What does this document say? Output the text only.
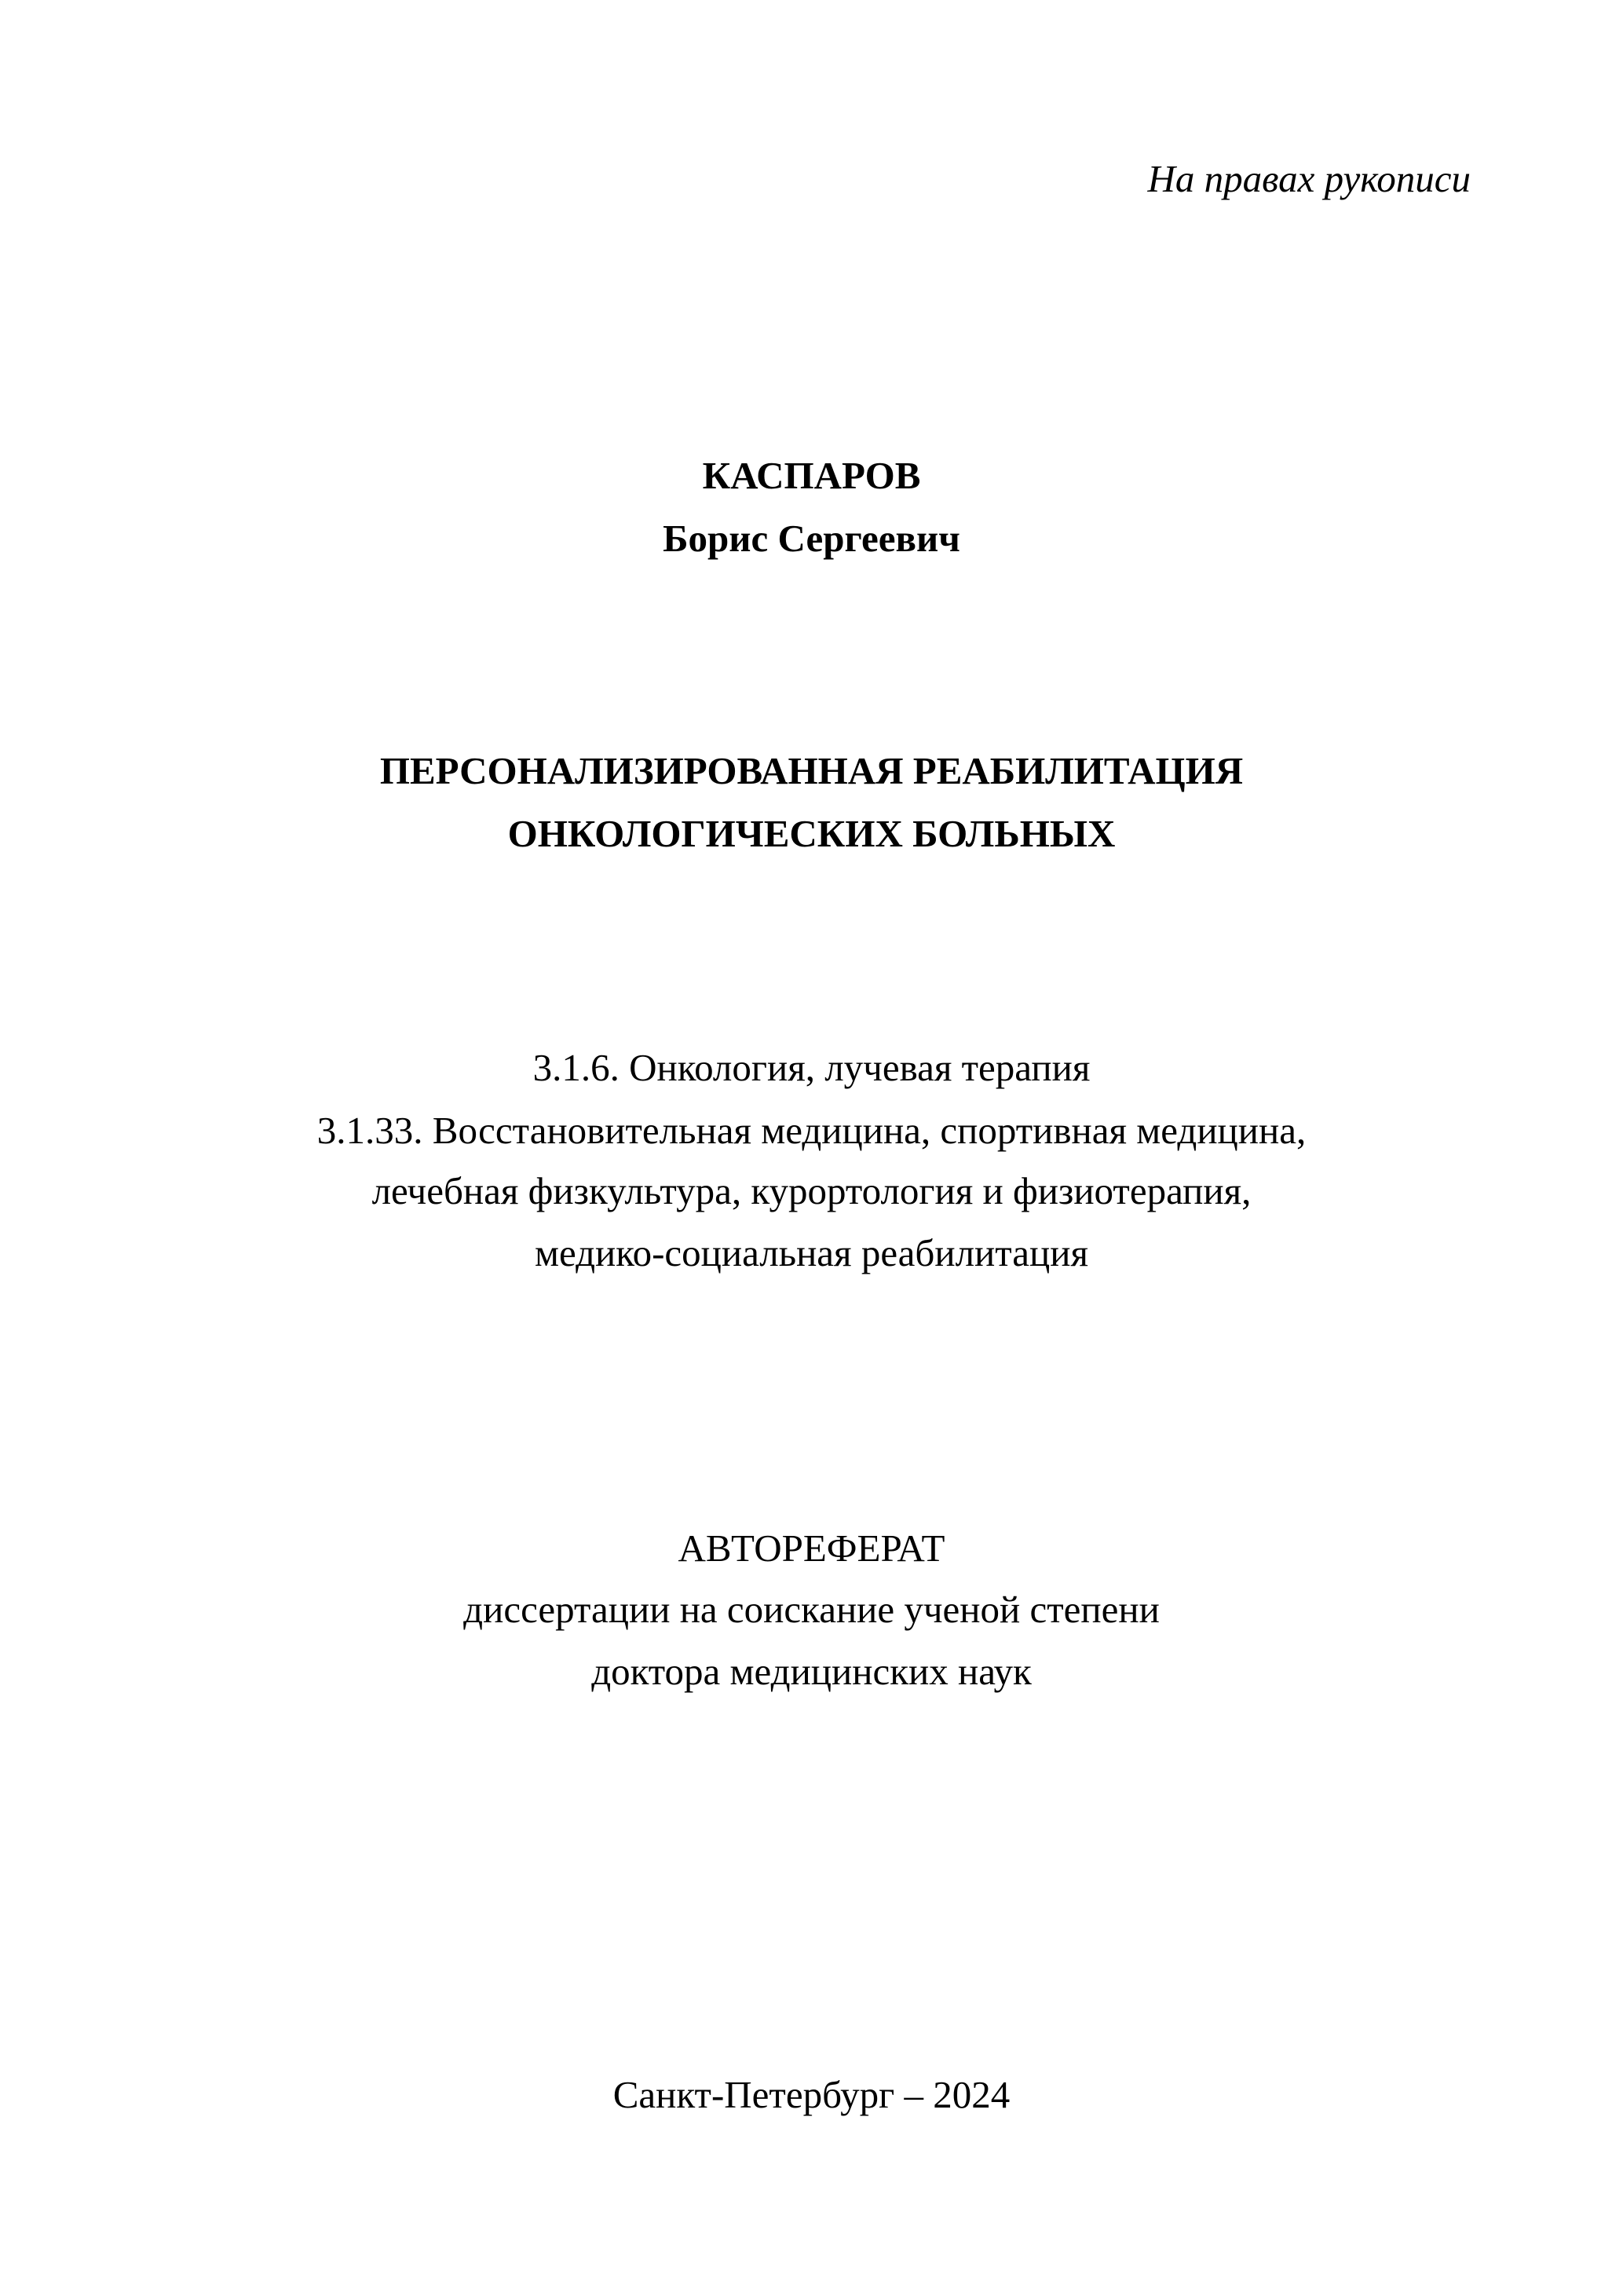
На правах рукописи
КАСПАРОВ
Борис Сергеевич
ПЕРСОНАЛИЗИРОВАННАЯ РЕАБИЛИТАЦИЯ
ОНКОЛОГИЧЕСКИХ БОЛЬНЫХ
3.1.6. Онкология, лучевая терапия
3.1.33. Восстановительная медицина, спортивная медицина,
лечебная физкультура, курортология и физиотерапия,
медико-социальная реабилитация
АВТОРЕФЕРАТ
диссертации на соискание ученой степени
доктора медицинских наук
Санкт-Петербург – 2024
